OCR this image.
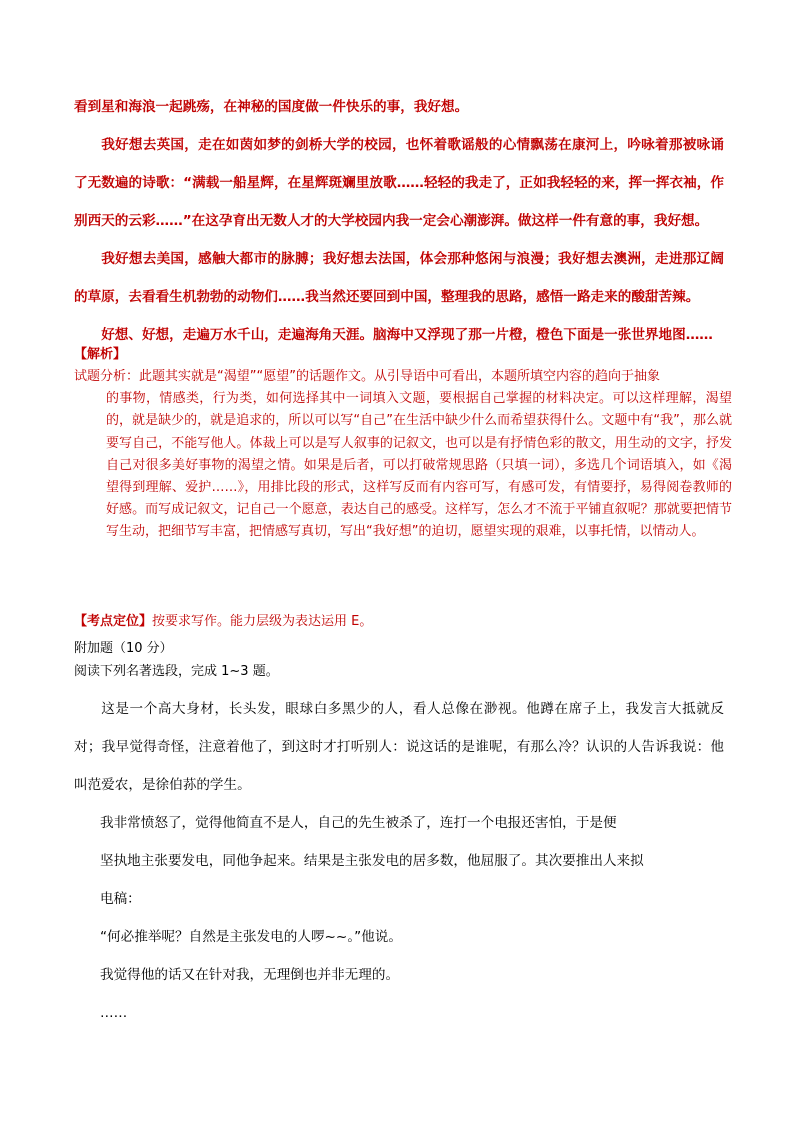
看到星和海浪一起跳殇，在神秘的国度做一件快乐的事，我好想。

我好想去英国，走在如茵如梦的剑桥大学的校园，也怀着歌谣般的心情飘荡在康河上，吟咏着那被咏诵了无数遍的诗歌：“满载一船星辉，在星辉斑斓里放歌……轻轻的我走了，正如我轻轻的来，挥一挥衣袖，作别西天的云彩……”在这孕育出无数人才的大学校园内我一定会心潮澎湃。做这样一件有意的事，我好想。

我好想去美国，感触大都市的脉膊；我好想去法国，体会那种悠闲与浪漫；我好想去澳洲，走进那辽阔的草原，去看看生机勃勃的动物们……我当然还要回到中国，整理我的思路，感悟一路走来的酸甜苦辣。

好想、好想，走遍万水千山，走遍海角天涯。脑海中又浮现了那一片橙，橙色下面是一张世界地图……

【解析】

试题分析：此题其实就是“渴望”“愿望”的话题作文。从引导语中可看出，本题所填空内容的趋向于抽象

的事物，情感类，行为类，如何选择其中一词填入文题，要根据自己掌握的材料决定。可以这样理解，渴望的，就是缺少的，就是追求的，所以可以写“自己”在生活中缺少什么而希望获得什么。文题中有“我”，那么就要写自己，不能写他人。体裁上可以是写人叙事的记叙文，也可以是有抒情色彩的散文，用生动的文字，抒发自己对很多美好事物的渴望之情。如果是后者，可以打破常规思路（只填一词），多选几个词语填入，如《渴望得到理解、爱护……》，用排比段的形式，这样写反而有内容可写，有感可发，有情要抒，易得阅卷教师的好感。而写成记叙文，记自己一个愿意，表达自己的感受。这样写，怎么才不流于平铺直叙呢？那就要把情节写生动，把细节写丰富，把情感写真切，写出“我好想”的迫切，愿望实现的艰难，以事托情，以情动人。

【考点定位】按要求写作。能力层级为表达运用 E。
附加题（10 分）
阅读下列名著选段，完成 1~3 题。

这是一个高大身材，长头发，眼球白多黑少的人，看人总像在渺视。他蹲在席子上，我发言大抵就反对；我早觉得奇怪，注意着他了，到这时才打听别人：说这话的是谁呢，有那么冷？认识的人告诉我说：他叫范爱农，是徐伯荪的学生。

我非常愤怒了，觉得他简直不是人，自己的先生被杀了，连打一个电报还害怕，于是便

坚执地主张要发电，同他争起来。结果是主张发电的居多数，他屈服了。其次要推出人来拟

电稿：

“何必推举呢？自然是主张发电的人啰~~。”他说。

我觉得他的话又在针对我，无理倒也并非无理的。

……
